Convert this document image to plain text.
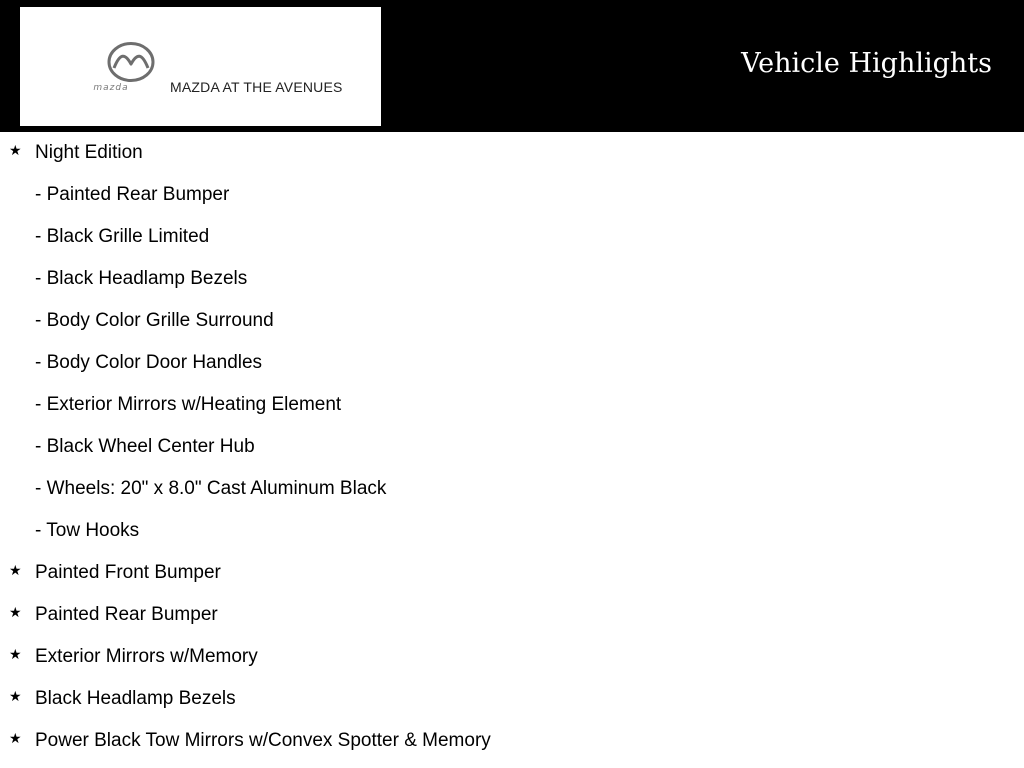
mazda	MAZDA AT THE AVENUES
Vehicle Highlights
★ Night Edition
- Painted Rear Bumper
- Black Grille Limited
- Black Headlamp Bezels
- Body Color Grille Surround
- Body Color Door Handles
- Exterior Mirrors w/Heating Element
- Black Wheel Center Hub
- Wheels: 20" x 8.0" Cast Aluminum Black
- Tow Hooks
★ Painted Front Bumper
★ Painted Rear Bumper
★ Exterior Mirrors w/Memory
★ Black Headlamp Bezels
★ Power Black Tow Mirrors w/Convex Spotter & Memory
